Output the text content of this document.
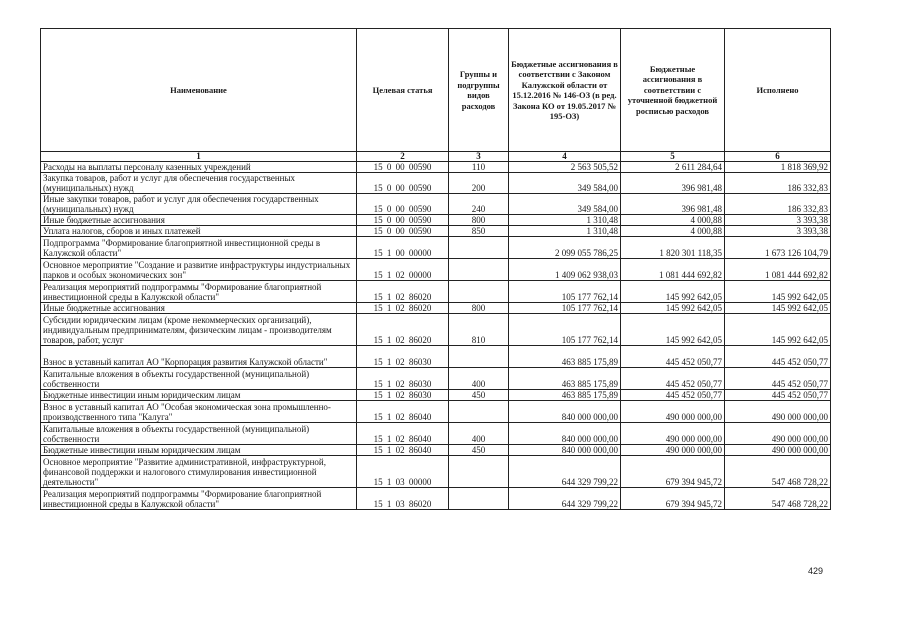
Наименование	Целевая статья	Группы и подгруппы видов расходов	Бюджетные ассигнования в соответствии с Законом Калужской области от 15.12.2016 № 146-ОЗ (в ред. Закона КО от 19.05.2017 № 195-ОЗ)	Бюджетные ассигнования в соответствии с уточненной бюджетной росписью расходов	Исполнено
1	2	3	4	5	6
Расходы на выплаты персоналу казенных учреждений	15 0 00 00590	110	2 563 505,52	2 611 284,64	1 818 369,92
Закупка товаров, работ и услуг для обеспечения государственных (муниципальных) нужд	15 0 00 00590	200	349 584,00	396 981,48	186 332,83
Иные закупки товаров, работ и услуг для обеспечения государственных (муниципальных) нужд	15 0 00 00590	240	349 584,00	396 981,48	186 332,83
Иные бюджетные ассигнования	15 0 00 00590	800	1 310,48	4 000,88	3 393,38
Уплата налогов, сборов и иных платежей	15 0 00 00590	850	1 310,48	4 000,88	3 393,38
Подпрограмма "Формирование благоприятной инвестиционной среды в Калужской области"	15 1 00 00000		2 099 055 786,25	1 820 301 118,35	1 673 126 104,79
Основное мероприятие "Создание и развитие инфраструктуры индустриальных парков и особых экономических зон"	15 1 02 00000		1 409 062 938,03	1 081 444 692,82	1 081 444 692,82
Реализация мероприятий подпрограммы "Формирование благоприятной инвестиционной среды в Калужской области"	15 1 02 86020		105 177 762,14	145 992 642,05	145 992 642,05
Иные бюджетные ассигнования	15 1 02 86020	800	105 177 762,14	145 992 642,05	145 992 642,05
Субсидии юридическим лицам (кроме некоммерческих организаций), индивидуальным предпринимателям, физическим лицам - производителям товаров, работ, услуг	15 1 02 86020	810	105 177 762,14	145 992 642,05	145 992 642,05
Взнос в уставный капитал АО "Корпорация развития Калужской области"	15 1 02 86030		463 885 175,89	445 452 050,77	445 452 050,77
Капитальные вложения в объекты государственной (муниципальной) собственности	15 1 02 86030	400	463 885 175,89	445 452 050,77	445 452 050,77
Бюджетные инвестиции иным юридическим лицам	15 1 02 86030	450	463 885 175,89	445 452 050,77	445 452 050,77
Взнос в уставный капитал АО "Особая экономическая зона промышленно-производственного типа "Калуга"	15 1 02 86040		840 000 000,00	490 000 000,00	490 000 000,00
Капитальные вложения в объекты государственной (муниципальной) собственности	15 1 02 86040	400	840 000 000,00	490 000 000,00	490 000 000,00
Бюджетные инвестиции иным юридическим лицам	15 1 02 86040	450	840 000 000,00	490 000 000,00	490 000 000,00
Основное мероприятие "Развитие административной, инфраструктурной, финансовой поддержки и налогового стимулирования инвестиционной деятельности"	15 1 03 00000		644 329 799,22	679 394 945,72	547 468 728,22
Реализация мероприятий подпрограммы "Формирование благоприятной инвестиционной среды в Калужской области"	15 1 03 86020		644 329 799,22	679 394 945,72	547 468 728,22
429
